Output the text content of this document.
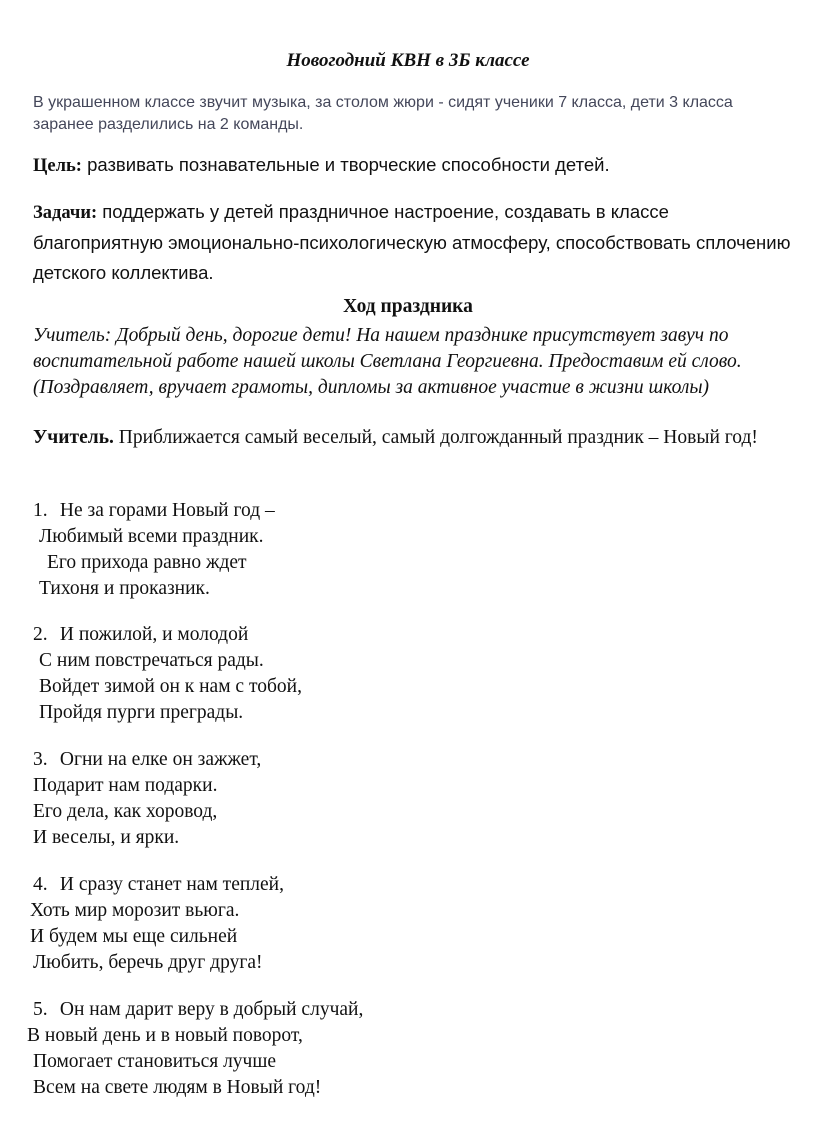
Новогодний КВН в 3Б классе
В украшенном классе звучит музыка, за столом жюри - сидят ученики 7 класса, дети 3 класса заранее разделились на 2 команды.
Цель: развивать познавательные и творческие способности детей.
Задачи: поддержать у детей праздничное настроение, создавать в классе благоприятную эмоционально-психологическую атмосферу, способствовать сплочению детского коллектива.
Ход праздника
Учитель: Добрый день, дорогие дети! На нашем празднике присутствует завуч по воспитательной работе нашей школы Светлана Георгиевна. Предоставим ей слово.(Поздравляет, вручает грамоты, дипломы за активное участие в жизни школы)
Учитель. Приближается самый веселый, самый долгожданный праздник – Новый год!
1. Не за горами Новый год –
Любимый всеми праздник.
Его прихода равно ждет
Тихоня и проказник.
2. И пожилой, и молодой
С ним повстречаться рады.
Войдет зимой он к нам с тобой,
Пройдя пурги преграды.
3. Огни на елке он зажжет,
Подарит нам подарки.
Его дела, как хоровод,
И веселы, и ярки.
4. И сразу станет нам теплей,
Хоть мир морозит вьюга.
И будем мы еще сильней
Любить, беречь друг друга!
5. Он нам дарит веру в добрый случай,
В новый день и в новый поворот,
Помогает становиться лучше
Всем на свете людям в Новый год!
